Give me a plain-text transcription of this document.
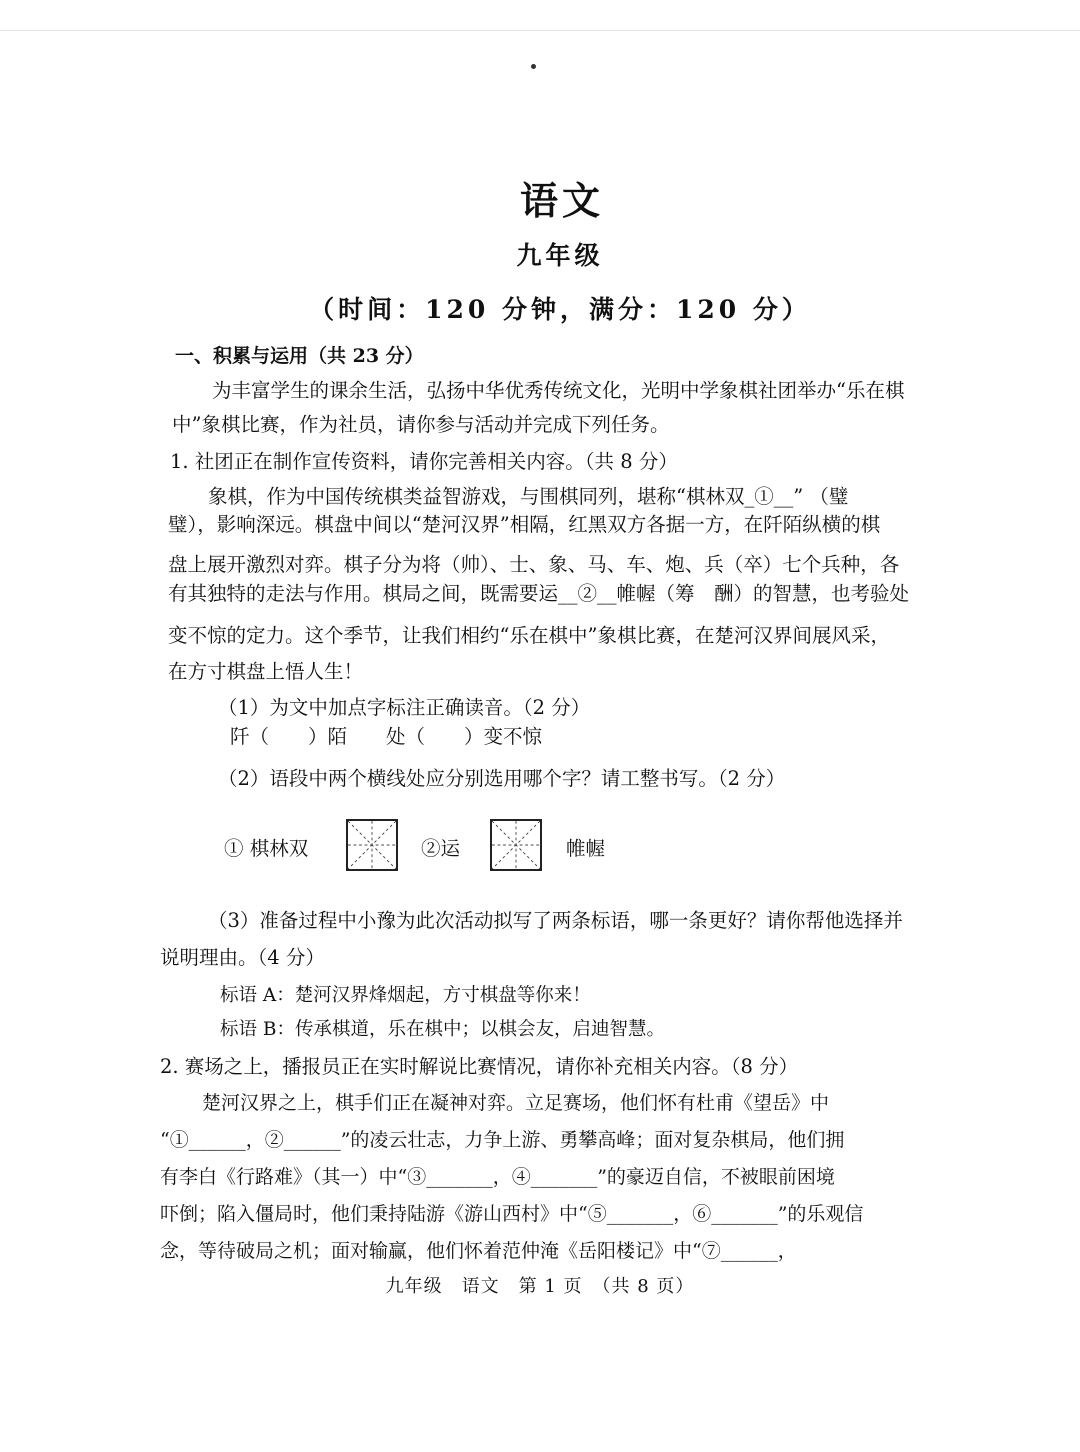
语文
九年级
（时间：120 分钟，满分：120 分）
一、积累与运用（共 23 分）
为丰富学生的课余生活，弘扬中华优秀传统文化，光明中学象棋社团举办“乐在棋
中”象棋比赛，作为社员，请你参与活动并完成下列任务。
1. 社团正在制作宣传资料，请你完善相关内容。（共 8 分）
象棋，作为中国传统棋类益智游戏，与围棋同列，堪称“棋林双_①__” （璧
璧），影响深远。棋盘中间以“楚河汉界”相隔，红黑双方各据一方，在阡陌纵横的棋
盘上展开激烈对弈。棋子分为将（帅）、士、象、马、车、炮、兵（卒）七个兵种，各
有其独特的走法与作用。棋局之间，既需要运__②__帷幄（筹　酬）的智慧，也考验处
变不惊的定力。这个季节，让我们相约“乐在棋中”象棋比赛，在楚河汉界间展风采，
在方寸棋盘上悟人生！
（1）为文中加点字标注正确读音。（2 分）
阡（　　）陌　　处（　　）变不惊
（2）语段中两个横线处应分别选用哪个字？请工整书写。（2 分）
① 棋林双	②运	帷幄
（3）准备过程中小豫为此次活动拟写了两条标语，哪一条更好？请你帮他选择并
说明理由。（4 分）
标语 A：楚河汉界烽烟起，方寸棋盘等你来！
标语 B：传承棋道，乐在棋中；以棋会友，启迪智慧。
2. 赛场之上，播报员正在实时解说比赛情况，请你补充相关内容。（8 分）
楚河汉界之上，棋手们正在凝神对弈。立足赛场，他们怀有杜甫《望岳》中
“①______，②______”的凌云壮志，力争上游、勇攀高峰；面对复杂棋局，他们拥
有李白《行路难》（其一）中“③_______，④_______”的豪迈自信，不被眼前困境
吓倒；陷入僵局时，他们秉持陆游《游山西村》中“⑤_______，⑥_______”的乐观信
念，等待破局之机；面对输赢，他们怀着范仲淹《岳阳楼记》中“⑦______，
九年级　语文　第 1 页　（共 8 页）
